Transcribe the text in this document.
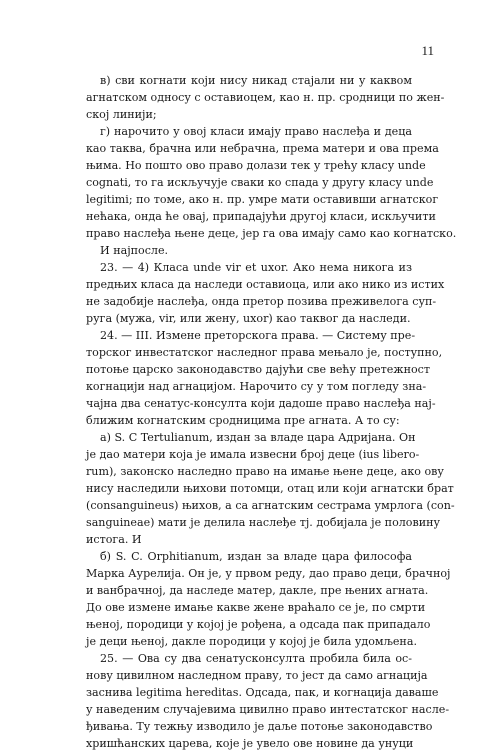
11
в) сви когнати који нису никад стајали ни у каквом
агнатском односу с оставиоцем, као н. пр. сродници по жен-
ској линији;
г) нарочито у овој класи имају право наслеђа и деца
као таква, брачна или небрачна, према матери и ова према
њима. Но пошто ово право долази тек у трећу класу unde
cognati, то га искључује сваки ко спада у другу класу unde
legitimi; по томе, ако н. пр. умре мати оставивши агнатског
нећака, онда ће овај, припадајући другој класи, искључити
право наслеђа њене деце, јер га ова имају само као когнатско.
И најпосле.
23. — 4) Класа unde vir et uxor. Ако нема никога из
предњих класа да наследи оставиоца, или ако нико из истих
не задобије наслеђа, онда претор позива преживелога суп-
руга (мужа, vir, или жену, uxor) као таквог да наследи.
24. — III. Измене преторскога права. — Систему пре-
торског инвестатског наследног права мењало је, поступно,
потоње царско законодавство дајући све већу претежност
когнацији над агнацијом. Нарочито су у том погледу зна-
чајна два сенатус-консулта који дадоше право наслеђа нај-
ближим когнатским сродницима пре агната. А то су:
а) S. C Tertulianum, издан за владе цара Адријана. Он
је дао матери која је имала извесни број деце (ius liberо-
rum), законско наследно право на имање њене деце, ако ову
нису наследили њихови потомци, отац или који агнатски брат
(consanguineus) њихов, а са агнатским сестрама умрлога (con-
sanguineae) мати је делила наслеђе тј. добијала је половину
истога. И
б) S. C. Orphitianum, издан за владе цара философа
Марка Аурелија. Он је, у првом реду, дао право деци, брачној
и ванбрачној, да наследе матер, дакле, пре њених агната.
До ове измене имање какве жене враћало се је, по смрти
њеној, породици у којој је рођена, а одсада пак припадало
је деци њеној, дакле породици у којој је била удомљена.
25. — Ова су два сенатусконсулта пробила била ос-
нову цивилном наследном праву, то јест да само агнација
заснива legitima hereditas. Одсада, пак, и когнација даваше
у наведеним случајевима цивилно право интестатског насле-
ђивања. Ту тежњу изводило је даље потоње законодавство
хришћанских царева, које је увело ове новине да унуци
